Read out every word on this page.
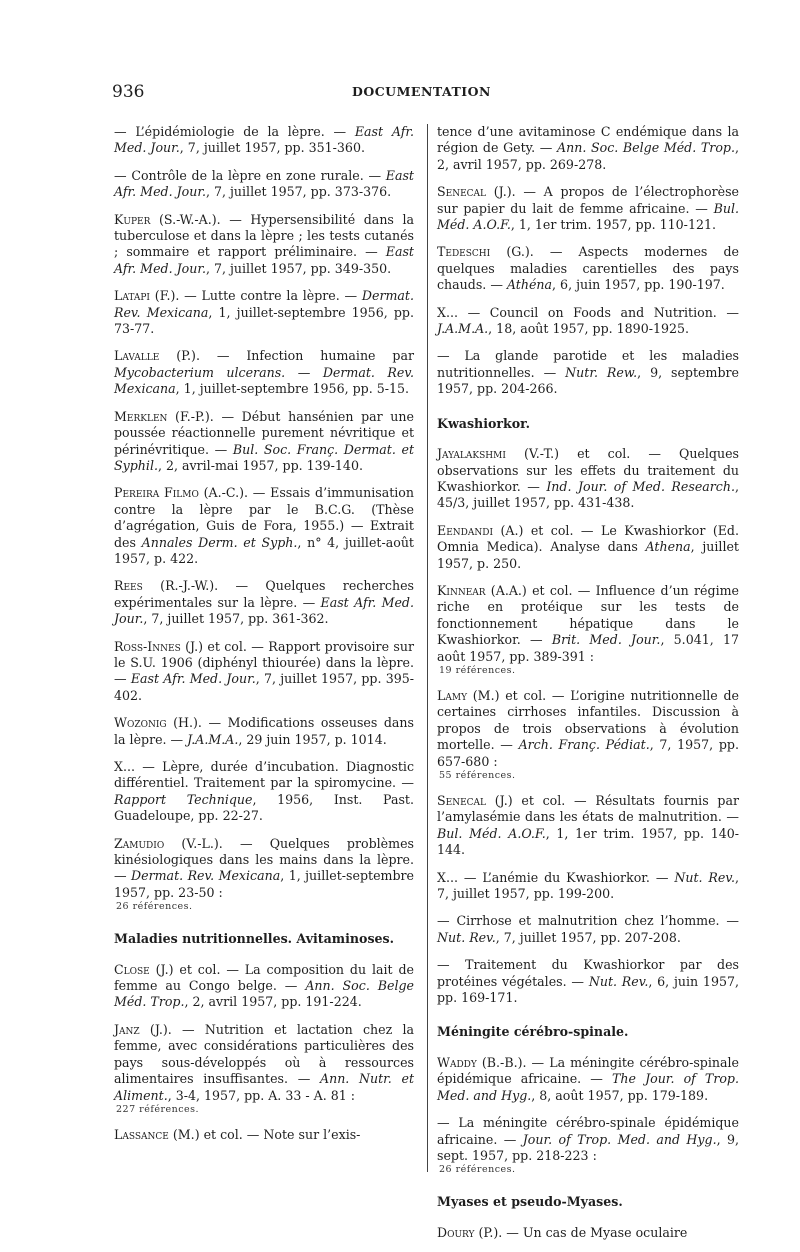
936	DOCUMENTATION

— L’épidémiologie de la lèpre. — East Afr. Med. Jour., 7, juillet 1957, pp. 351-360.

— Contrôle de la lèpre en zone rurale. — East Afr. Med. Jour., 7, juillet 1957, pp. 373-376.

Kuper (S.-W.-A.). — Hypersensibilité dans la tuberculose et dans la lèpre ; les tests cutanés ; sommaire et rapport préliminaire. — East Afr. Med. Jour., 7, juillet 1957, pp. 349-350.

Latapi (F.). — Lutte contre la lèpre. — Dermat. Rev. Mexicana, 1, juillet-septembre 1956, pp. 73-77.

Lavalle (P.). — Infection humaine par Mycobacterium ulcerans. — Dermat. Rev. Mexicana, 1, juillet-septembre 1956, pp. 5-15.

Merklen (F.-P.). — Début hansénien par une poussée réactionnelle purement névritique et périnévritique. — Bul. Soc. Franç. Dermat. et Syphil., 2, avril-mai 1957, pp. 139-140.

Pereira Filmo (A.-C.). — Essais d’immunisation contre la lèpre par le B.C.G. (Thèse d’agrégation, Guis de Fora, 1955.) — Extrait des Annales Derm. et Syph., n° 4, juillet-août 1957, p. 422.

Rees (R.-J.-W.). — Quelques recherches expérimentales sur la lèpre. — East Afr. Med. Jour., 7, juillet 1957, pp. 361-362.

Ross-Innes (J.) et col. — Rapport provisoire sur le S.U. 1906 (diphényl thiourée) dans la lèpre. — East Afr. Med. Jour., 7, juillet 1957, pp. 395-402.

Wozonig (H.). — Modifications osseuses dans la lèpre. — J.A.M.A., 29 juin 1957, p. 1014.

X... — Lèpre, durée d’incubation. Diagnostic différentiel. Traitement par la spiromycine. — Rapport Technique, 1956, Inst. Past. Guadeloupe, pp. 22-27.

Zamudio (V.-L.). — Quelques problèmes kinésiologiques dans les mains dans la lèpre. — Dermat. Rev. Mexicana, 1, juillet-septembre 1957, pp. 23-50 :

26 références.
Maladies nutritionnelles. Avitaminoses.

Close (J.) et col. — La composition du lait de femme au Congo belge. — Ann. Soc. Belge Méd. Trop., 2, avril 1957, pp. 191-224.

Janz (J.). — Nutrition et lactation chez la femme, avec considérations particulières des pays sous-développés où à ressources alimentaires insuffisantes. — Ann. Nutr. et Aliment., 3-4, 1957, pp. A. 33 - A. 81 :

227 références.

Lassance (M.) et col. — Note sur l’exis-

tence d’une avitaminose C endémique dans la région de Gety. — Ann. Soc. Belge Méd. Trop., 2, avril 1957, pp. 269-278.

Senecal (J.). — A propos de l’électrophorèse sur papier du lait de femme africaine. — Bul. Méd. A.O.F., 1, 1er trim. 1957, pp. 110-121.

Tedeschi (G.). — Aspects modernes de quelques maladies carentielles des pays chauds. — Athéna, 6, juin 1957, pp. 190-197.

X... — Council on Foods and Nutrition. — J.A.M.A., 18, août 1957, pp. 1890-1925.

— La glande parotide et les maladies nutritionnelles. — Nutr. Rew., 9, septembre 1957, pp. 204-266.

Kwashiorkor.

Jayalakshmi (V.-T.) et col. — Quelques observations sur les effets du traitement du Kwashiorkor. — Ind. Jour. of Med. Research., 45/3, juillet 1957, pp. 431-438.

Eendandi (A.) et col. — Le Kwashiorkor (Ed. Omnia Medica). Analyse dans Athena, juillet 1957, p. 250.

Kinnear (A.A.) et col. — Influence d’un régime riche en protéique sur les tests de fonctionnement hépatique dans le Kwashiorkor. — Brit. Med. Jour., 5.041, 17 août 1957, pp. 389-391 :

19 références.

Lamy (M.) et col. — L’origine nutritionnelle de certaines cirrhoses infantiles. Discussion à propos de trois observations à évolution mortelle. — Arch. Franç. Pédiat., 7, 1957, pp. 657-680 :

55 références.

Senecal (J.) et col. — Résultats fournis par l’amylasémie dans les états de malnutrition. — Bul. Méd. A.O.F., 1, 1er trim. 1957, pp. 140-144.

X... — L’anémie du Kwashiorkor. — Nut. Rev., 7, juillet 1957, pp. 199-200.

— Cirrhose et malnutrition chez l’homme. — Nut. Rev., 7, juillet 1957, pp. 207-208.

— Traitement du Kwashiorkor par des protéines végétales. — Nut. Rev., 6, juin 1957, pp. 169-171.

Méningite cérébro-spinale.

Waddy (B.-B.). — La méningite cérébro-spinale épidémique africaine. — The Jour. of Trop. Med. and Hyg., 8, août 1957, pp. 179-189.

— La méningite cérébro-spinale épidémique africaine. — Jour. of Trop. Med. and Hyg., 9, sept. 1957, pp. 218-223 :

26 références.
Myases et pseudo-Myases.

Doury (P.). — Un cas de Myase oculaire
